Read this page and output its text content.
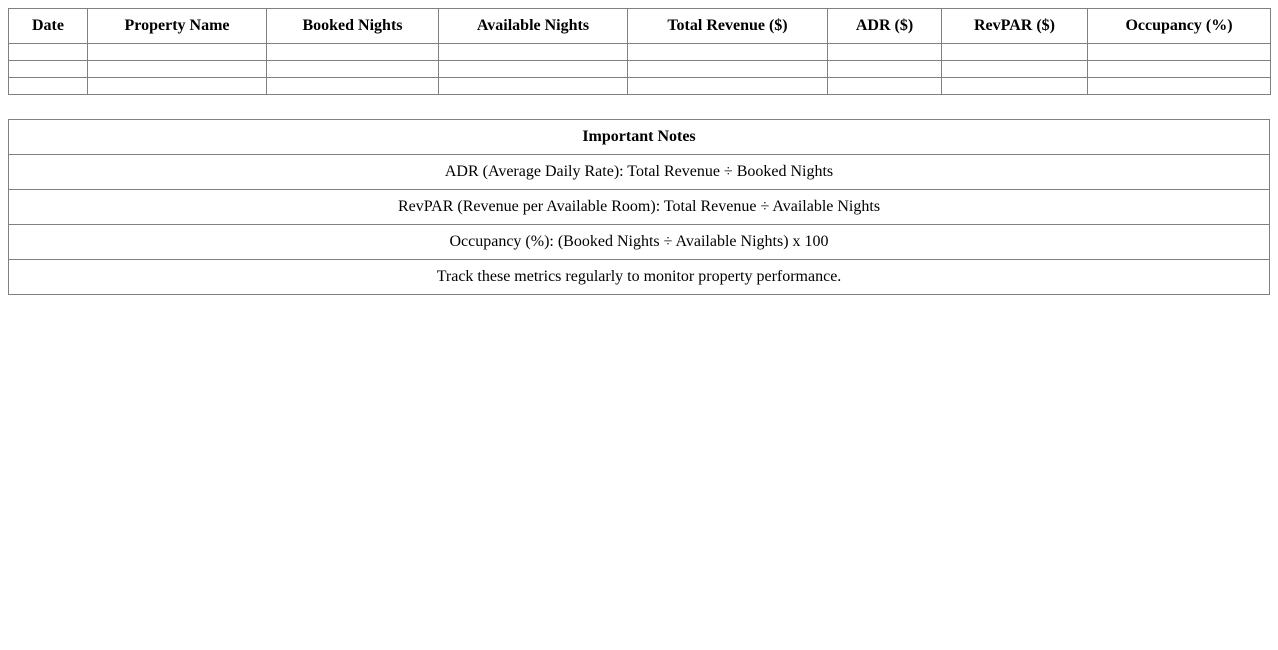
Date	Property Name	Booked Nights	Available Nights	Total Revenue ($)	ADR ($)	RevPAR ($)	Occupancy (%)

Important Notes
ADR (Average Daily Rate): Total Revenue ÷ Booked Nights
RevPAR (Revenue per Available Room): Total Revenue ÷ Available Nights
Occupancy (%): (Booked Nights ÷ Available Nights) x 100
Track these metrics regularly to monitor property performance.
